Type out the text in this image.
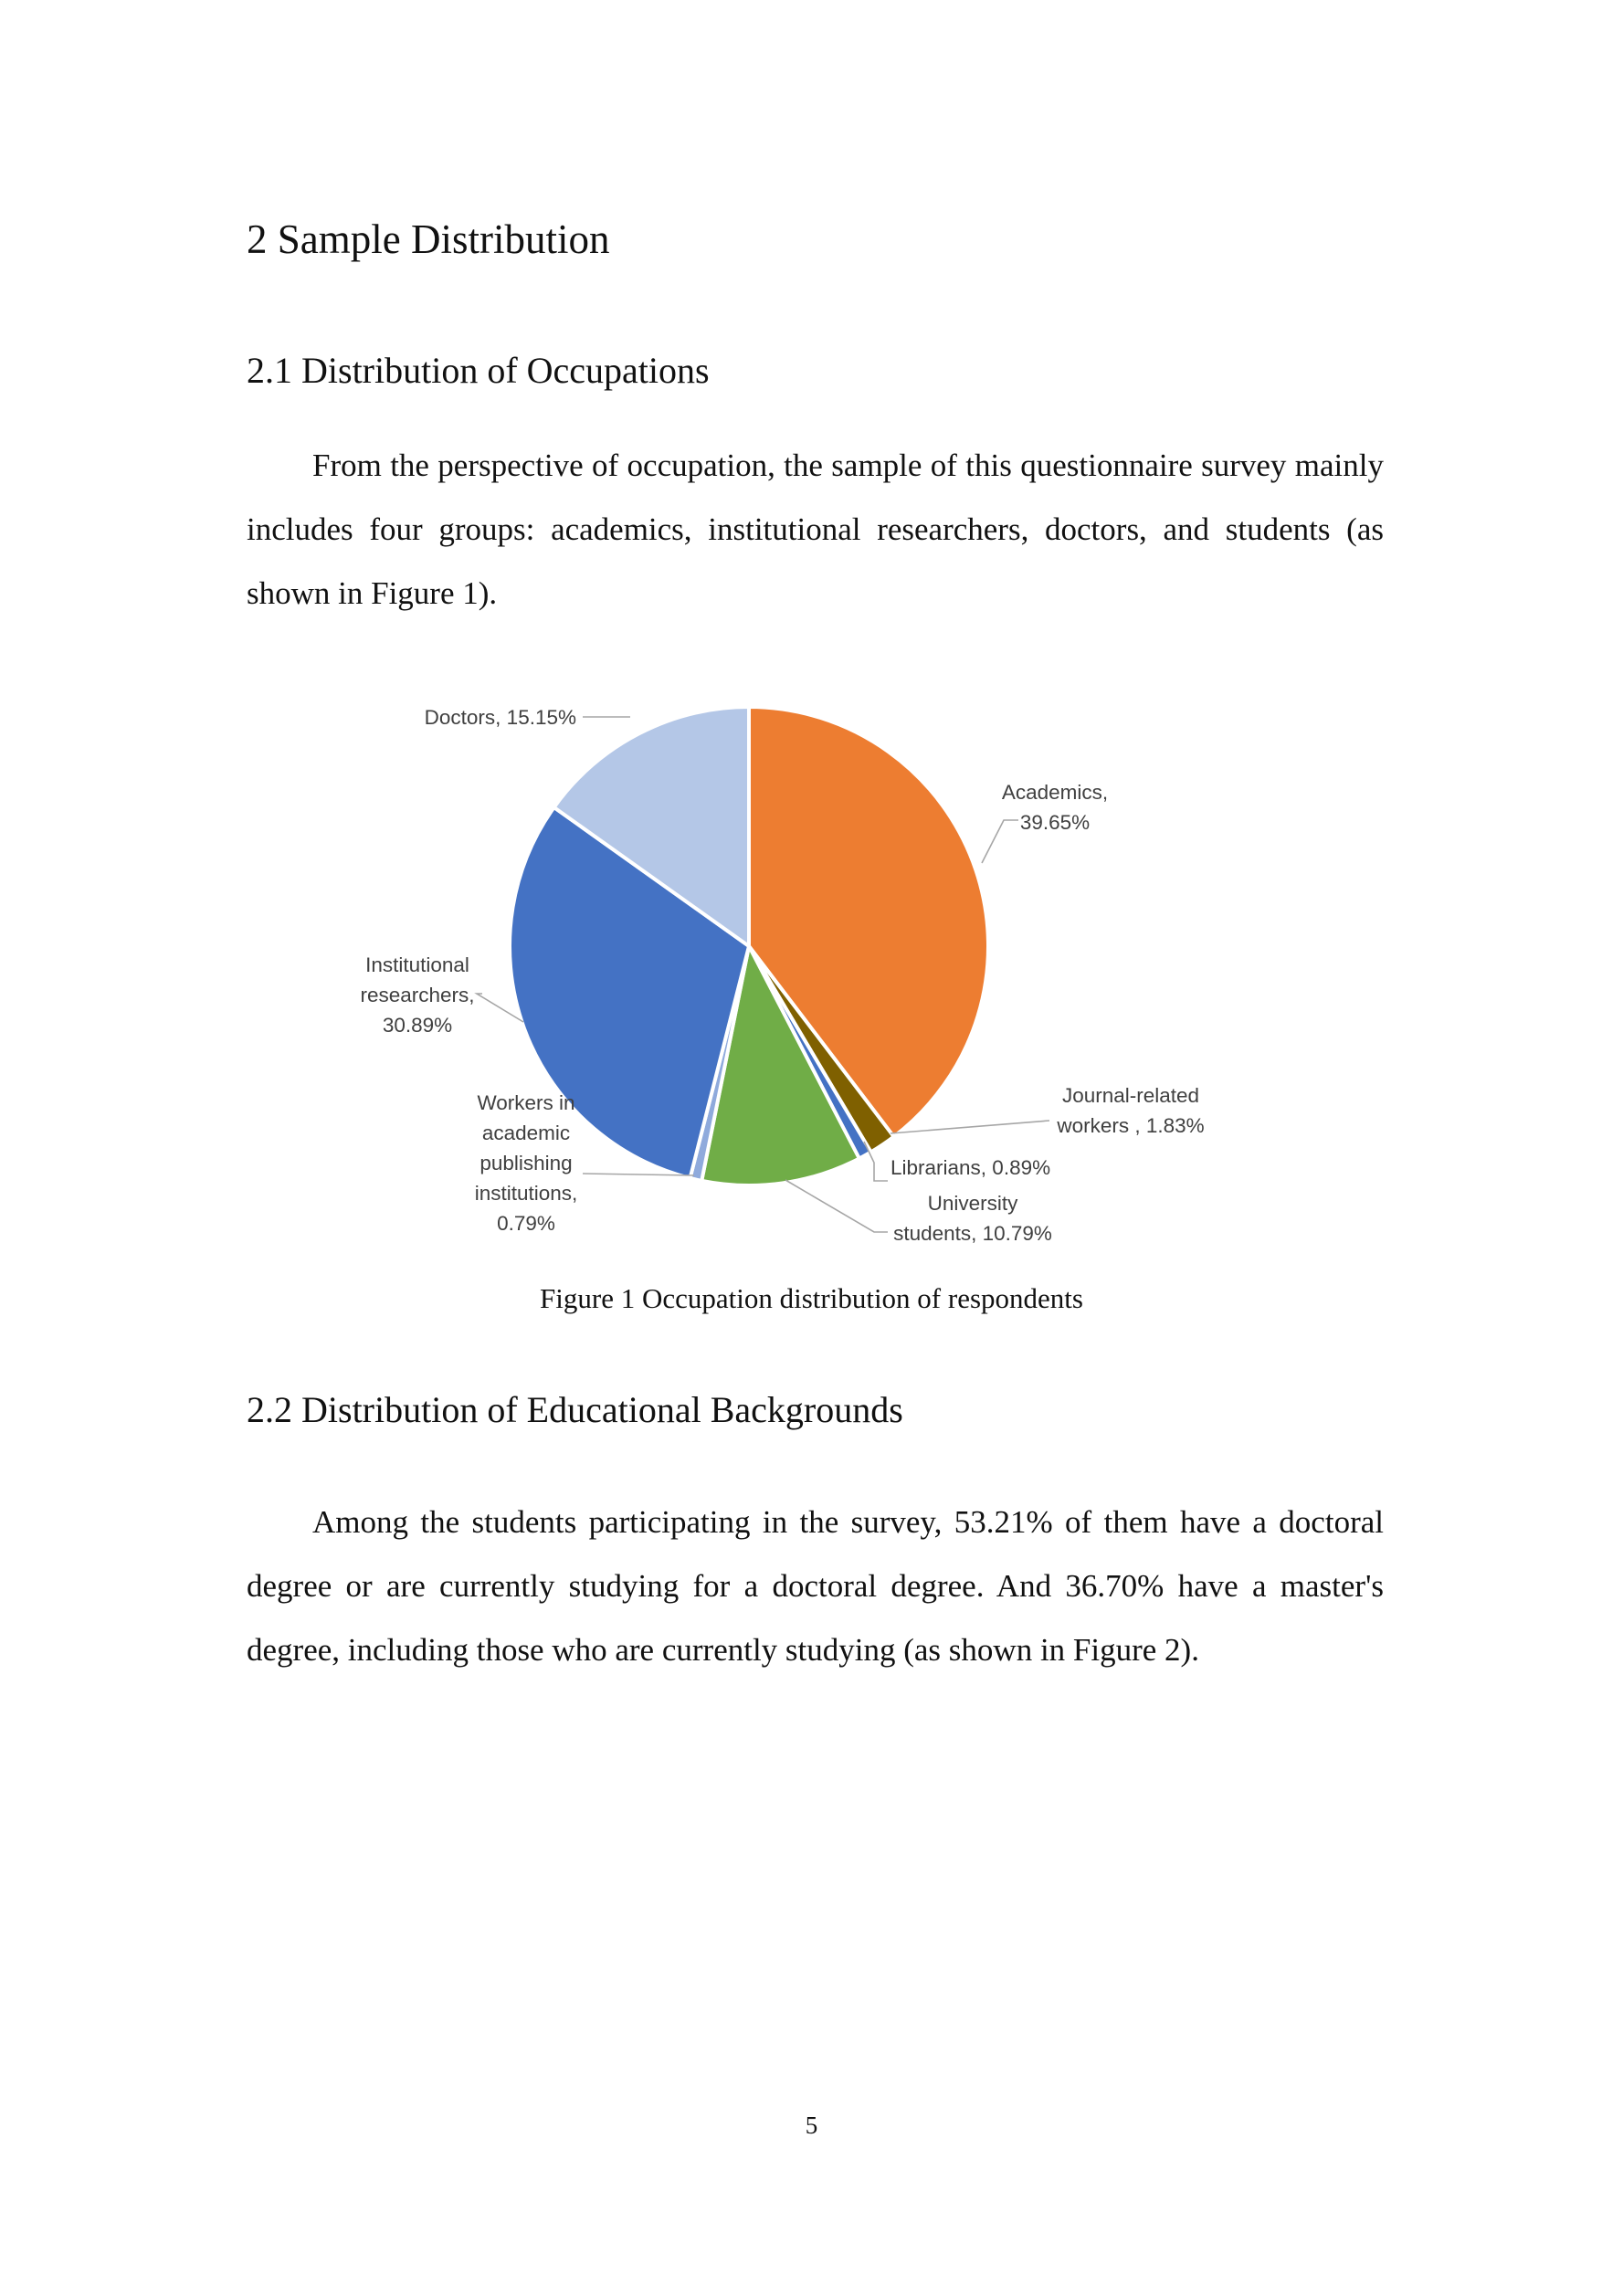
2 Sample Distribution
2.1 Distribution of Occupations

From the perspective of occupation, the sample of this questionnaire survey mainly includes four groups: academics, institutional researchers, doctors, and students (as shown in Figure 1).

Academics, 39.65%
Journal-related workers , 1.83%
Librarians, 0.89%
University students, 10.79%
Workers in academic publishing institutions, 0.79%
Institutional researchers, 30.89%
Doctors, 15.15%

Figure 1 Occupation distribution of respondents

2.2 Distribution of Educational Backgrounds

Among the students participating in the survey, 53.21% of them have a doctoral degree or are currently studying for a doctoral degree. And 36.70% have a master's degree, including those who are currently studying (as shown in Figure 2).

5
